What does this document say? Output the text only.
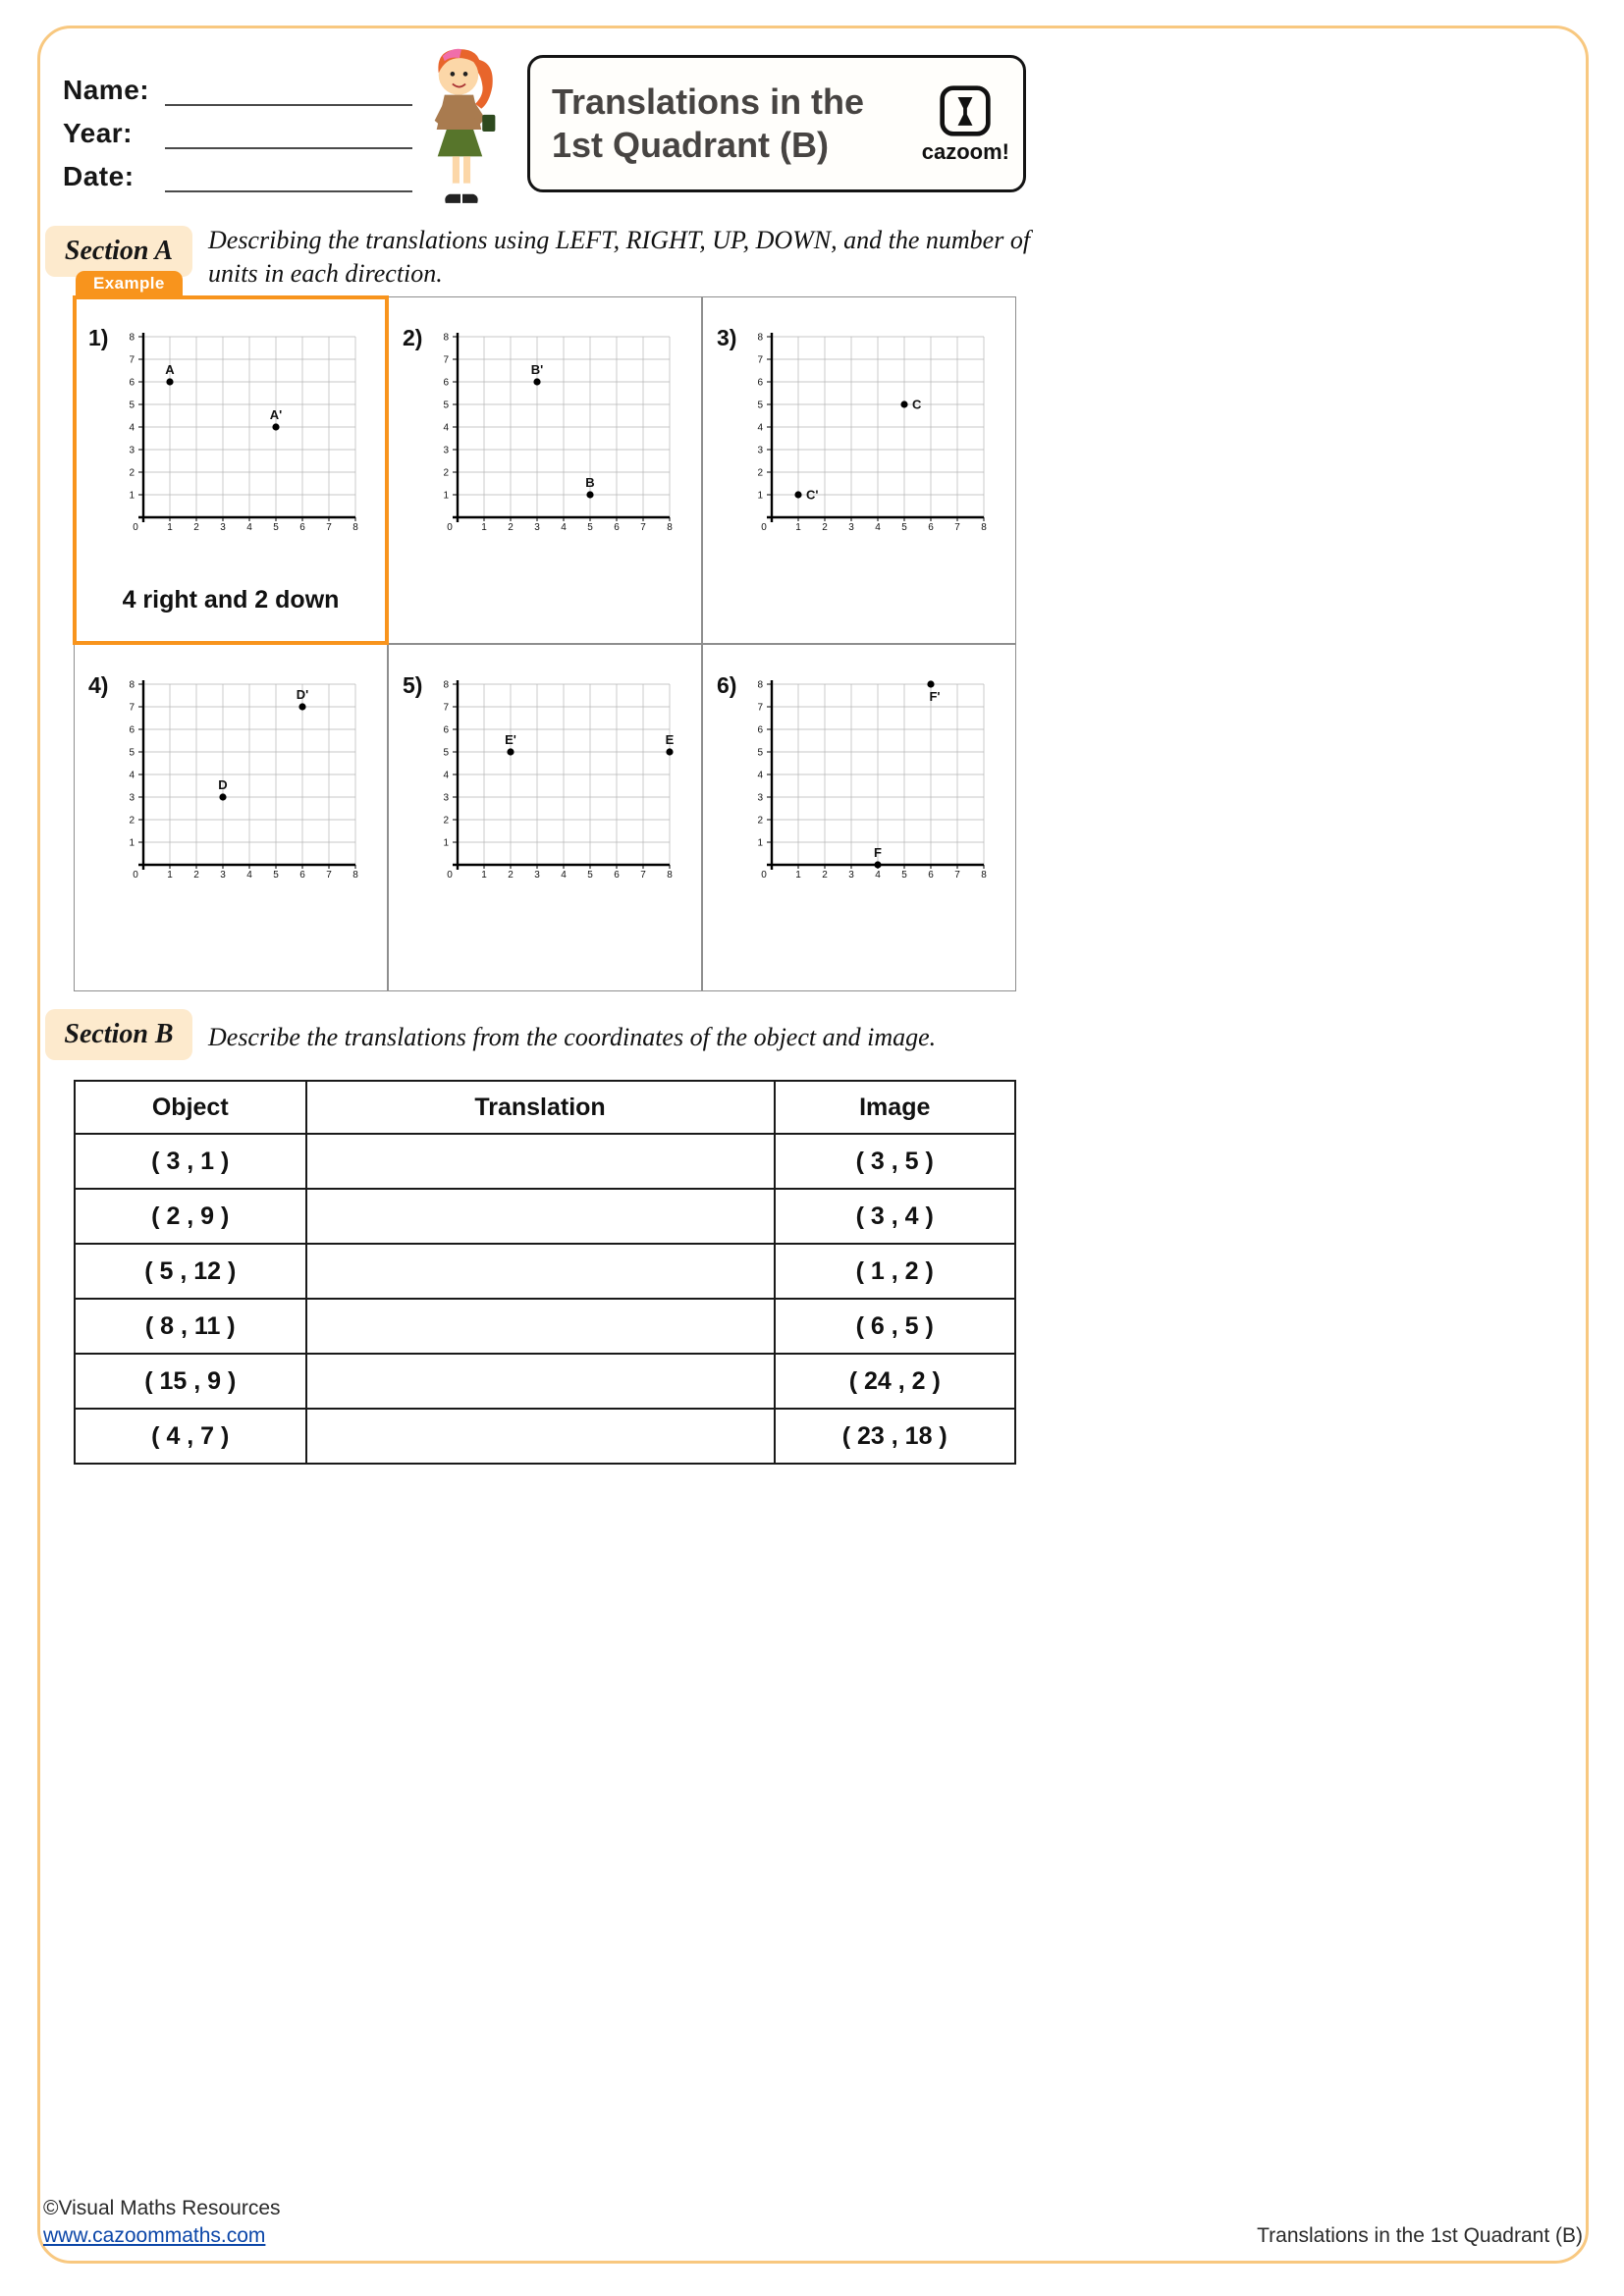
Name:
Year:
Date:
Translations in the
1st Quadrant (B)	cazoom!
Section A	Describing the translations using LEFT, RIGHT, UP, DOWN, and the number of units in each direction.
Example
1)
0	1 2 3 4 5 6 7 8
1
2
3
4
5
6
7
8
A
A'
4 right and 2 down
2)
0	1 2 3 4 5 6 7 8
1
2
3
4
5
6
7
8
B'
B
3)
0	1 2 3 4 5 6 7 8
1
2
3
4
5
6
7
8
C
C'
4)
0	1 2 3 4 5 6 7 8
1
2
3
4
5
6
7
8
D'
D
5)
0	1 2 3 4 5 6 7 8
1
2
3
4
5
6
7
8
E'	E
6)
0	1 2 3 4 5 6 7 8
1
2
3
4
5
6
7
8
F'
F
Section B	Describe the translations from the coordinates of the object and image.
Object	Translation	Image
( 3 , 1 )		( 3 , 5 )
( 2 , 9 )		( 3 , 4 )
( 5 , 12 )		( 1 , 2 )
( 8 , 11 )		( 6 , 5 )
( 15 , 9 )		( 24 , 2 )
( 4 , 7 )		( 23 , 18 )
©Visual Maths Resources
www.cazoommaths.com	Translations in the 1st Quadrant (B)
